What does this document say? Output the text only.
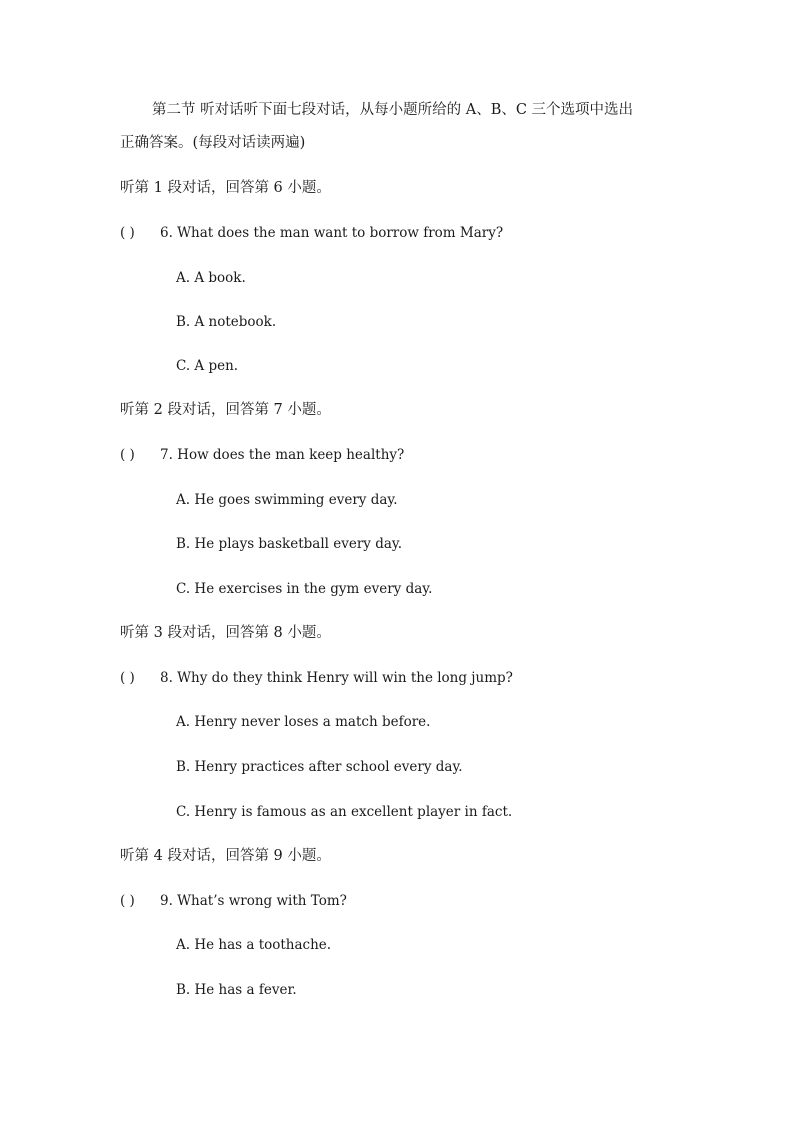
第二节 听对话听下面七段对话，从每小题所给的 A、B、C 三个选项中选出
正确答案。(每段对话读两遍)
听第 1 段对话，回答第 6 小题。
( ) 6. What does the man want to borrow from Mary?
A. A book.
B. A notebook.
C. A pen.
听第 2 段对话，回答第 7 小题。
( ) 7. How does the man keep healthy?
A. He goes swimming every day.
B. He plays basketball every day.
C. He exercises in the gym every day.
听第 3 段对话，回答第 8 小题。
( ) 8. Why do they think Henry will win the long jump?
A. Henry never loses a match before.
B. Henry practices after school every day.
C. Henry is famous as an excellent player in fact.
听第 4 段对话，回答第 9 小题。
( ) 9. What’s wrong with Tom?
A. He has a toothache.
B. He has a fever.
